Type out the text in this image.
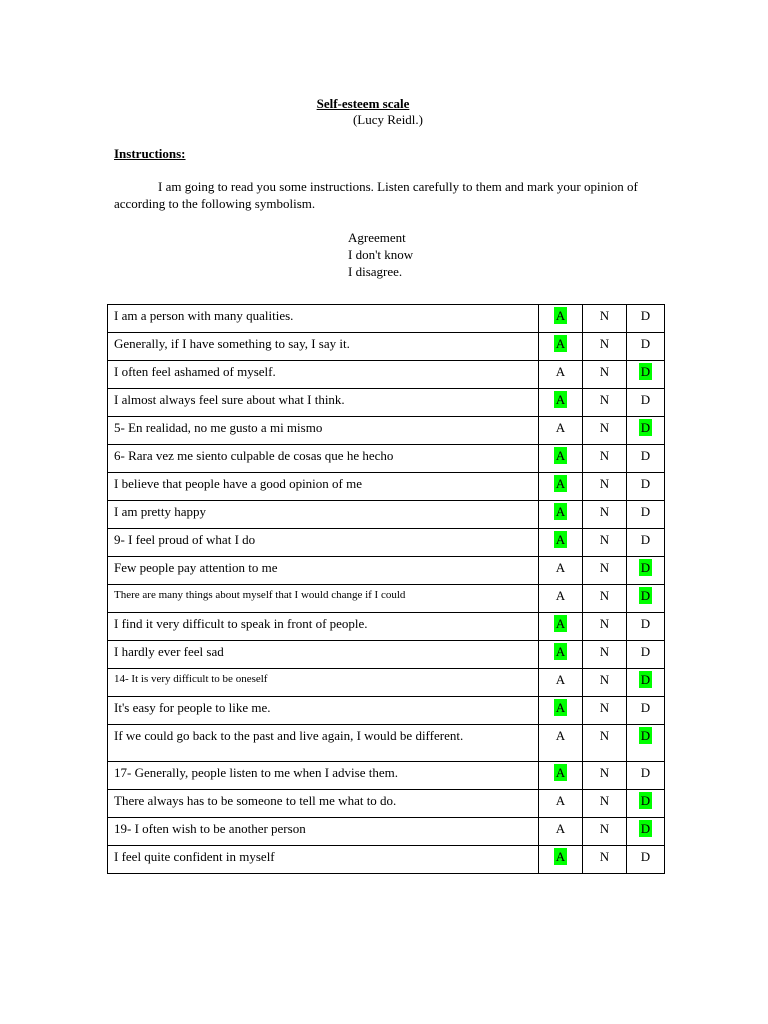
Self-esteem scale
(Lucy Reidl.)
Instructions:
I am going to read you some instructions. Listen carefully to them and mark your opinion of according to the following symbolism.
Agreement
I don't know
I disagree.
I am a person with many qualities.	A	N	D
Generally, if I have something to say, I say it.	A	N	D
I often feel ashamed of myself.	A	N	D
I almost always feel sure about what I think.	A	N	D
5- En realidad, no me gusto a mi mismo	A	N	D
6- Rara vez me siento culpable de cosas que he hecho	A	N	D
I believe that people have a good opinion of me	A	N	D
I am pretty happy	A	N	D
9- I feel proud of what I do	A	N	D
Few people pay attention to me	A	N	D
There are many things about myself that I would change if I could	A	N	D
I find it very difficult to speak in front of people.	A	N	D
I hardly ever feel sad	A	N	D
14- It is very difficult to be oneself	A	N	D
It's easy for people to like me.	A	N	D
If we could go back to the past and live again, I would be different.	A	N	D
17- Generally, people listen to me when I advise them.	A	N	D
There always has to be someone to tell me what to do.	A	N	D
19- I often wish to be another person	A	N	D
I feel quite confident in myself	A	N	D
